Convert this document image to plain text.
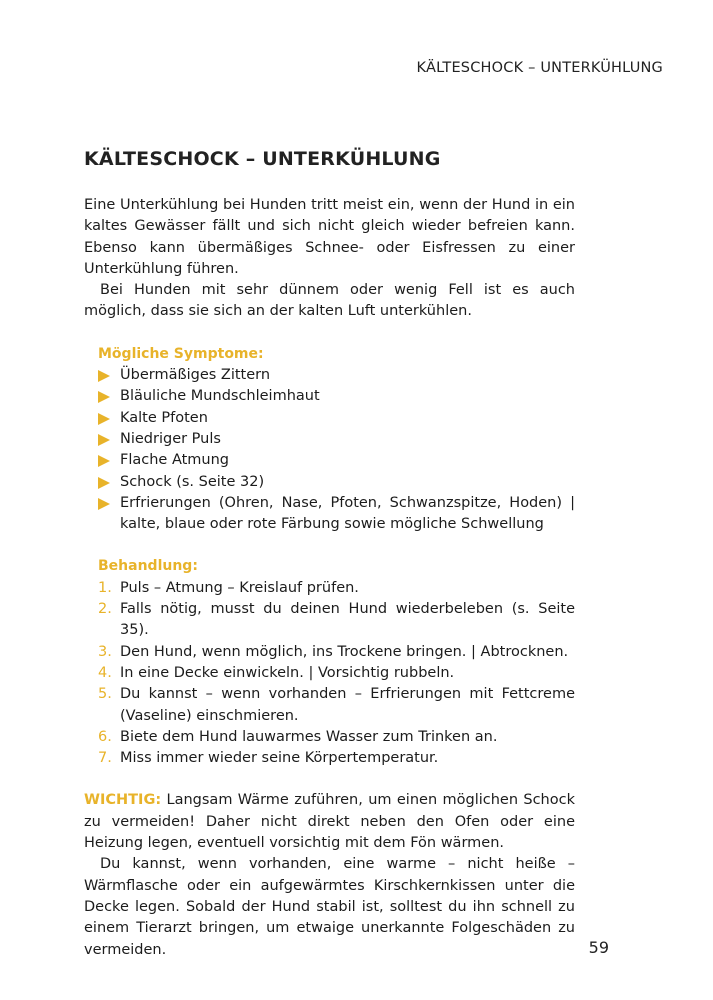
KÄLTESCHOCK – UNTERKÜHLUNG
KÄLTESCHOCK – UNTERKÜHLUNG

Eine Unterkühlung bei Hunden tritt meist ein, wenn der Hund in ein kaltes Gewässer fällt und sich nicht gleich wieder befreien kann. Ebenso kann übermäßiges Schnee- oder Eisfressen zu einer Unterkühlung führen.

Bei Hunden mit sehr dünnem oder wenig Fell ist es auch möglich, dass sie sich an der kalten Luft unterkühlen.

Mögliche Symptome:
Übermäßiges Zittern
Bläuliche Mundschleimhaut
Kalte Pfoten
Niedriger Puls
Flache Atmung
Schock (s. Seite 32)
Erfrierungen (Ohren, Nase, Pfoten, Schwanzspitze, Hoden) | kalte, blaue oder rote Färbung sowie mögliche Schwellung
Behandlung:
1. Puls – Atmung – Kreislauf prüfen.
2. Falls nötig, musst du deinen Hund wiederbeleben (s. Seite 35).
3. Den Hund, wenn möglich, ins Trockene bringen. | Abtrocknen.
4. In eine Decke einwickeln. | Vorsichtig rubbeln.
5. Du kannst – wenn vorhanden – Erfrierungen mit Fettcreme (Vaseline) einschmieren.
6. Biete dem Hund lauwarmes Wasser zum Trinken an.
7. Miss immer wieder seine Körpertemperatur.

WICHTIG: Langsam Wärme zuführen, um einen möglichen Schock zu vermeiden! Daher nicht direkt neben den Ofen oder eine Heizung legen, eventuell vorsichtig mit dem Fön wärmen.

Du kannst, wenn vorhanden, eine warme – nicht heiße – Wärmflasche oder ein aufgewärmtes Kirschkernkissen unter die Decke legen. Sobald der Hund stabil ist, solltest du ihn schnell zu einem Tierarzt bringen, um etwaige unerkannte Folgeschäden zu vermeiden.	59
